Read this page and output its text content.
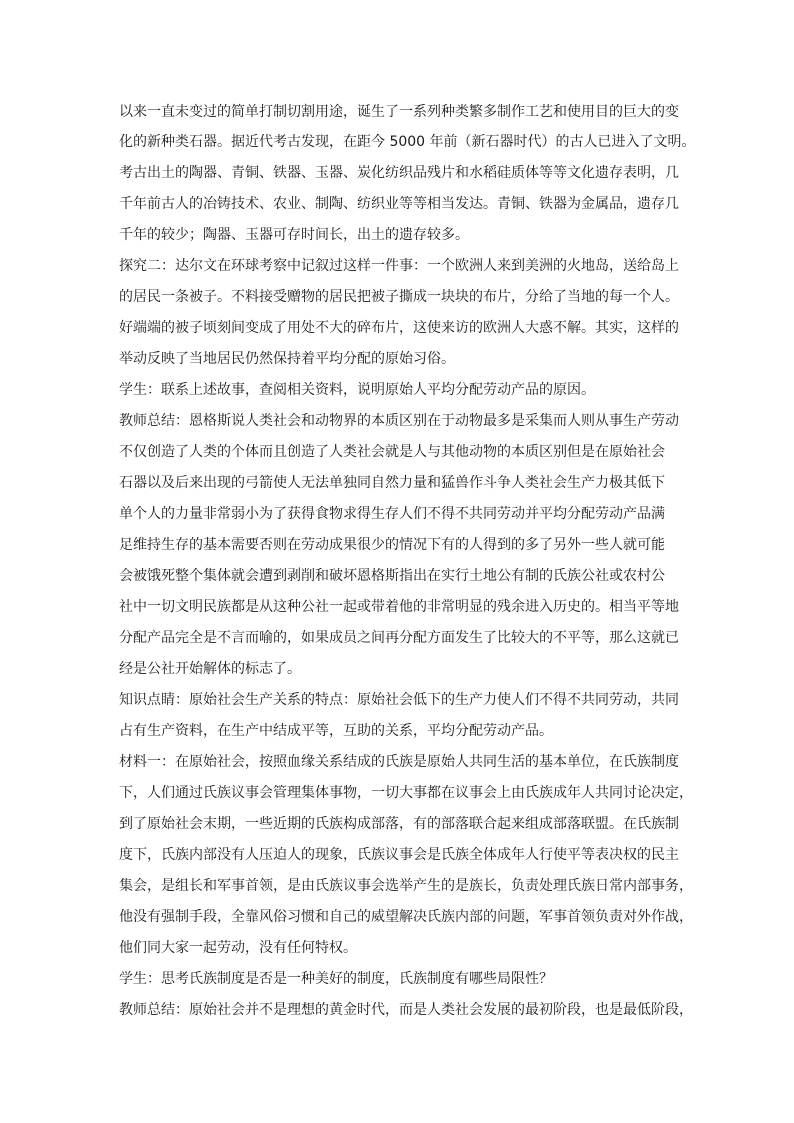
以来一直未变过的简单打制切割用途，诞生了一系列种类繁多制作工艺和使用目的巨大的变
化的新种类石器。据近代考古发现，在距今 5000 年前（新石器时代）的古人已进入了文明。
考古出土的陶器、青铜、铁器、玉器、炭化纺织品残片和水稻硅质体等等文化遗存表明，几
千年前古人的冶铸技术、农业、制陶、纺织业等等相当发达。青铜、铁器为金属品，遗存几
千年的较少；陶器、玉器可存时间长，出土的遗存较多。
探究二：达尔文在环球考察中记叙过这样一件事：一个欧洲人来到美洲的火地岛，送给岛上
的居民一条被子。不料接受赠物的居民把被子撕成一块块的布片，分给了当地的每一个人。
好端端的被子顷刻间变成了用处不大的碎布片，这使来访的欧洲人大惑不解。其实，这样的
举动反映了当地居民仍然保持着平均分配的原始习俗。
学生：联系上述故事，查阅相关资料，说明原始人平均分配劳动产品的原因。
教师总结：恩格斯说人类社会和动物界的本质区别在于动物最多是采集而人则从事生产劳动
不仅创造了人类的个体而且创造了人类社会就是人与其他动物的本质区别但是在原始社会
石器以及后来出现的弓箭使人无法单独同自然力量和猛兽作斗争人类社会生产力极其低下
单个人的力量非常弱小为了获得食物求得生存人们不得不共同劳动并平均分配劳动产品满
足维持生存的基本需要否则在劳动成果很少的情况下有的人得到的多了另外一些人就可能
会被饿死整个集体就会遭到剥削和破坏恩格斯指出在实行土地公有制的氏族公社或农村公
社中一切文明民族都是从这种公社一起或带着他的非常明显的残余进入历史的。相当平等地
分配产品完全是不言而喻的，如果成员之间再分配方面发生了比较大的不平等，那么这就已
经是公社开始解体的标志了。
知识点睛：原始社会生产关系的特点：原始社会低下的生产力使人们不得不共同劳动，共同
占有生产资料，在生产中结成平等，互助的关系，平均分配劳动产品。
材料一：在原始社会，按照血缘关系结成的氏族是原始人共同生活的基本单位，在氏族制度
下，人们通过氏族议事会管理集体事物，一切大事都在议事会上由氏族成年人共同讨论决定，
到了原始社会末期，一些近期的氏族构成部落，有的部落联合起来组成部落联盟。在氏族制
度下，氏族内部没有人压迫人的现象，氏族议事会是氏族全体成年人行使平等表决权的民主
集会，是组长和军事首领，是由氏族议事会选举产生的是族长，负责处理氏族日常内部事务，
他没有强制手段，全靠风俗习惯和自己的威望解决氏族内部的问题，军事首领负责对外作战，
他们同大家一起劳动，没有任何特权。
学生：思考氏族制度是否是一种美好的制度，氏族制度有哪些局限性？
教师总结：原始社会并不是理想的黄金时代，而是人类社会发展的最初阶段，也是最低阶段，
